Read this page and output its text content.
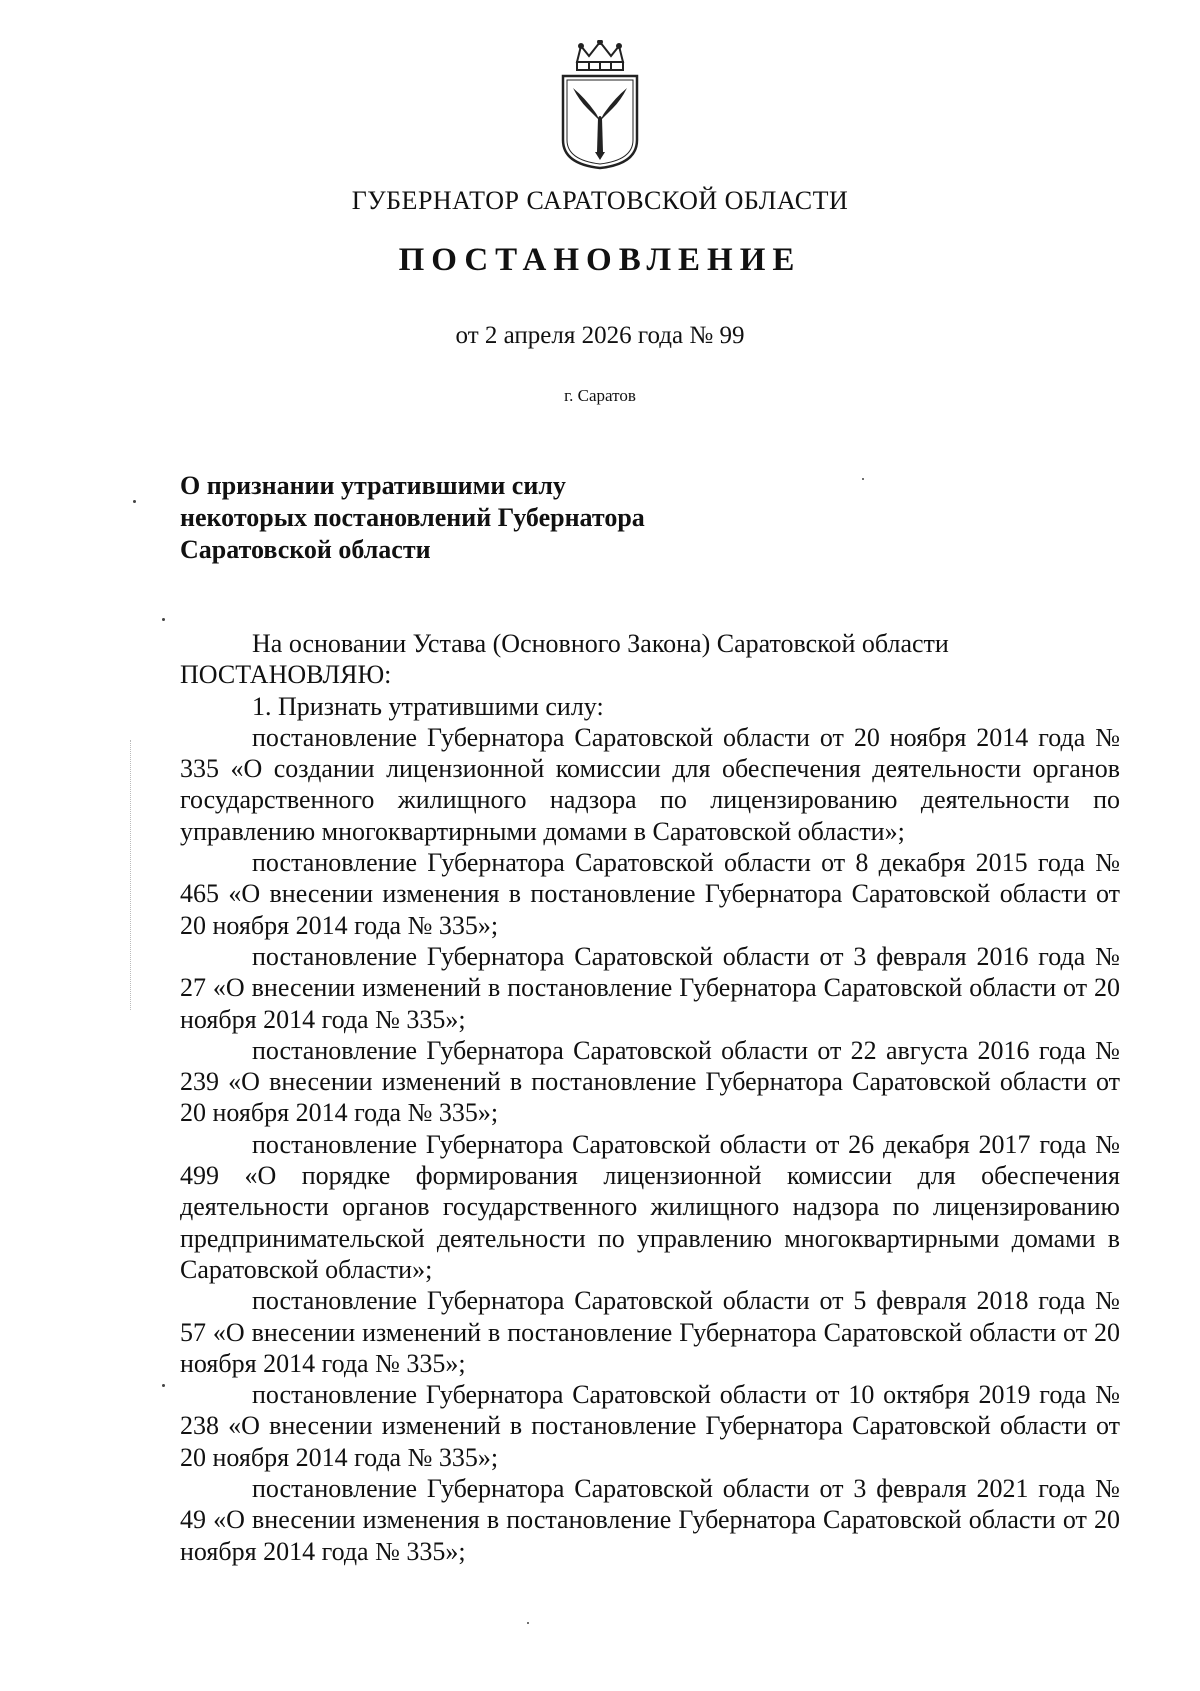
ГУБЕРНАТОР САРАТОВСКОЙ ОБЛАСТИ
ПОСТАНОВЛЕНИЕ
от 2 апреля 2026 года № 99
г. Саратов
О признании утратившими силу
некоторых постановлений Губернатора
Саратовской области

На основании Устава (Основного Закона) Саратовской области

ПОСТАНОВЛЯЮ:

1. Признать утратившими силу:

постановление Губернатора Саратовской области от 20 ноября 2014 года № 335 «О создании лицензионной комиссии для обеспечения деятельности органов государственного жилищного надзора по лицензированию деятельности по управлению многоквартирными домами в Саратовской области»;

постановление Губернатора Саратовской области от 8 декабря 2015 года № 465 «О внесении изменения в постановление Губернатора Саратовской области от 20 ноября 2014 года № 335»;

постановление Губернатора Саратовской области от 3 февраля 2016 года № 27 «О внесении изменений в постановление Губернатора Саратовской области от 20 ноября 2014 года № 335»;

постановление Губернатора Саратовской области от 22 августа 2016 года № 239 «О внесении изменений в постановление Губернатора Саратовской области от 20 ноября 2014 года № 335»;

постановление Губернатора Саратовской области от 26 декабря 2017 года № 499 «О порядке формирования лицензионной комиссии для обеспечения деятельности органов государственного жилищного надзора по лицензированию предпринимательской деятельности по управлению многоквартирными домами в Саратовской области»;

постановление Губернатора Саратовской области от 5 февраля 2018 года № 57 «О внесении изменений в постановление Губернатора Саратовской области от 20 ноября 2014 года № 335»;

постановление Губернатора Саратовской области от 10 октября 2019 года № 238 «О внесении изменений в постановление Губернатора Саратовской области от 20 ноября 2014 года № 335»;

постановление Губернатора Саратовской области от 3 февраля 2021 года № 49 «О внесении изменения в постановление Губернатора Саратовской области от 20 ноября 2014 года № 335»;
